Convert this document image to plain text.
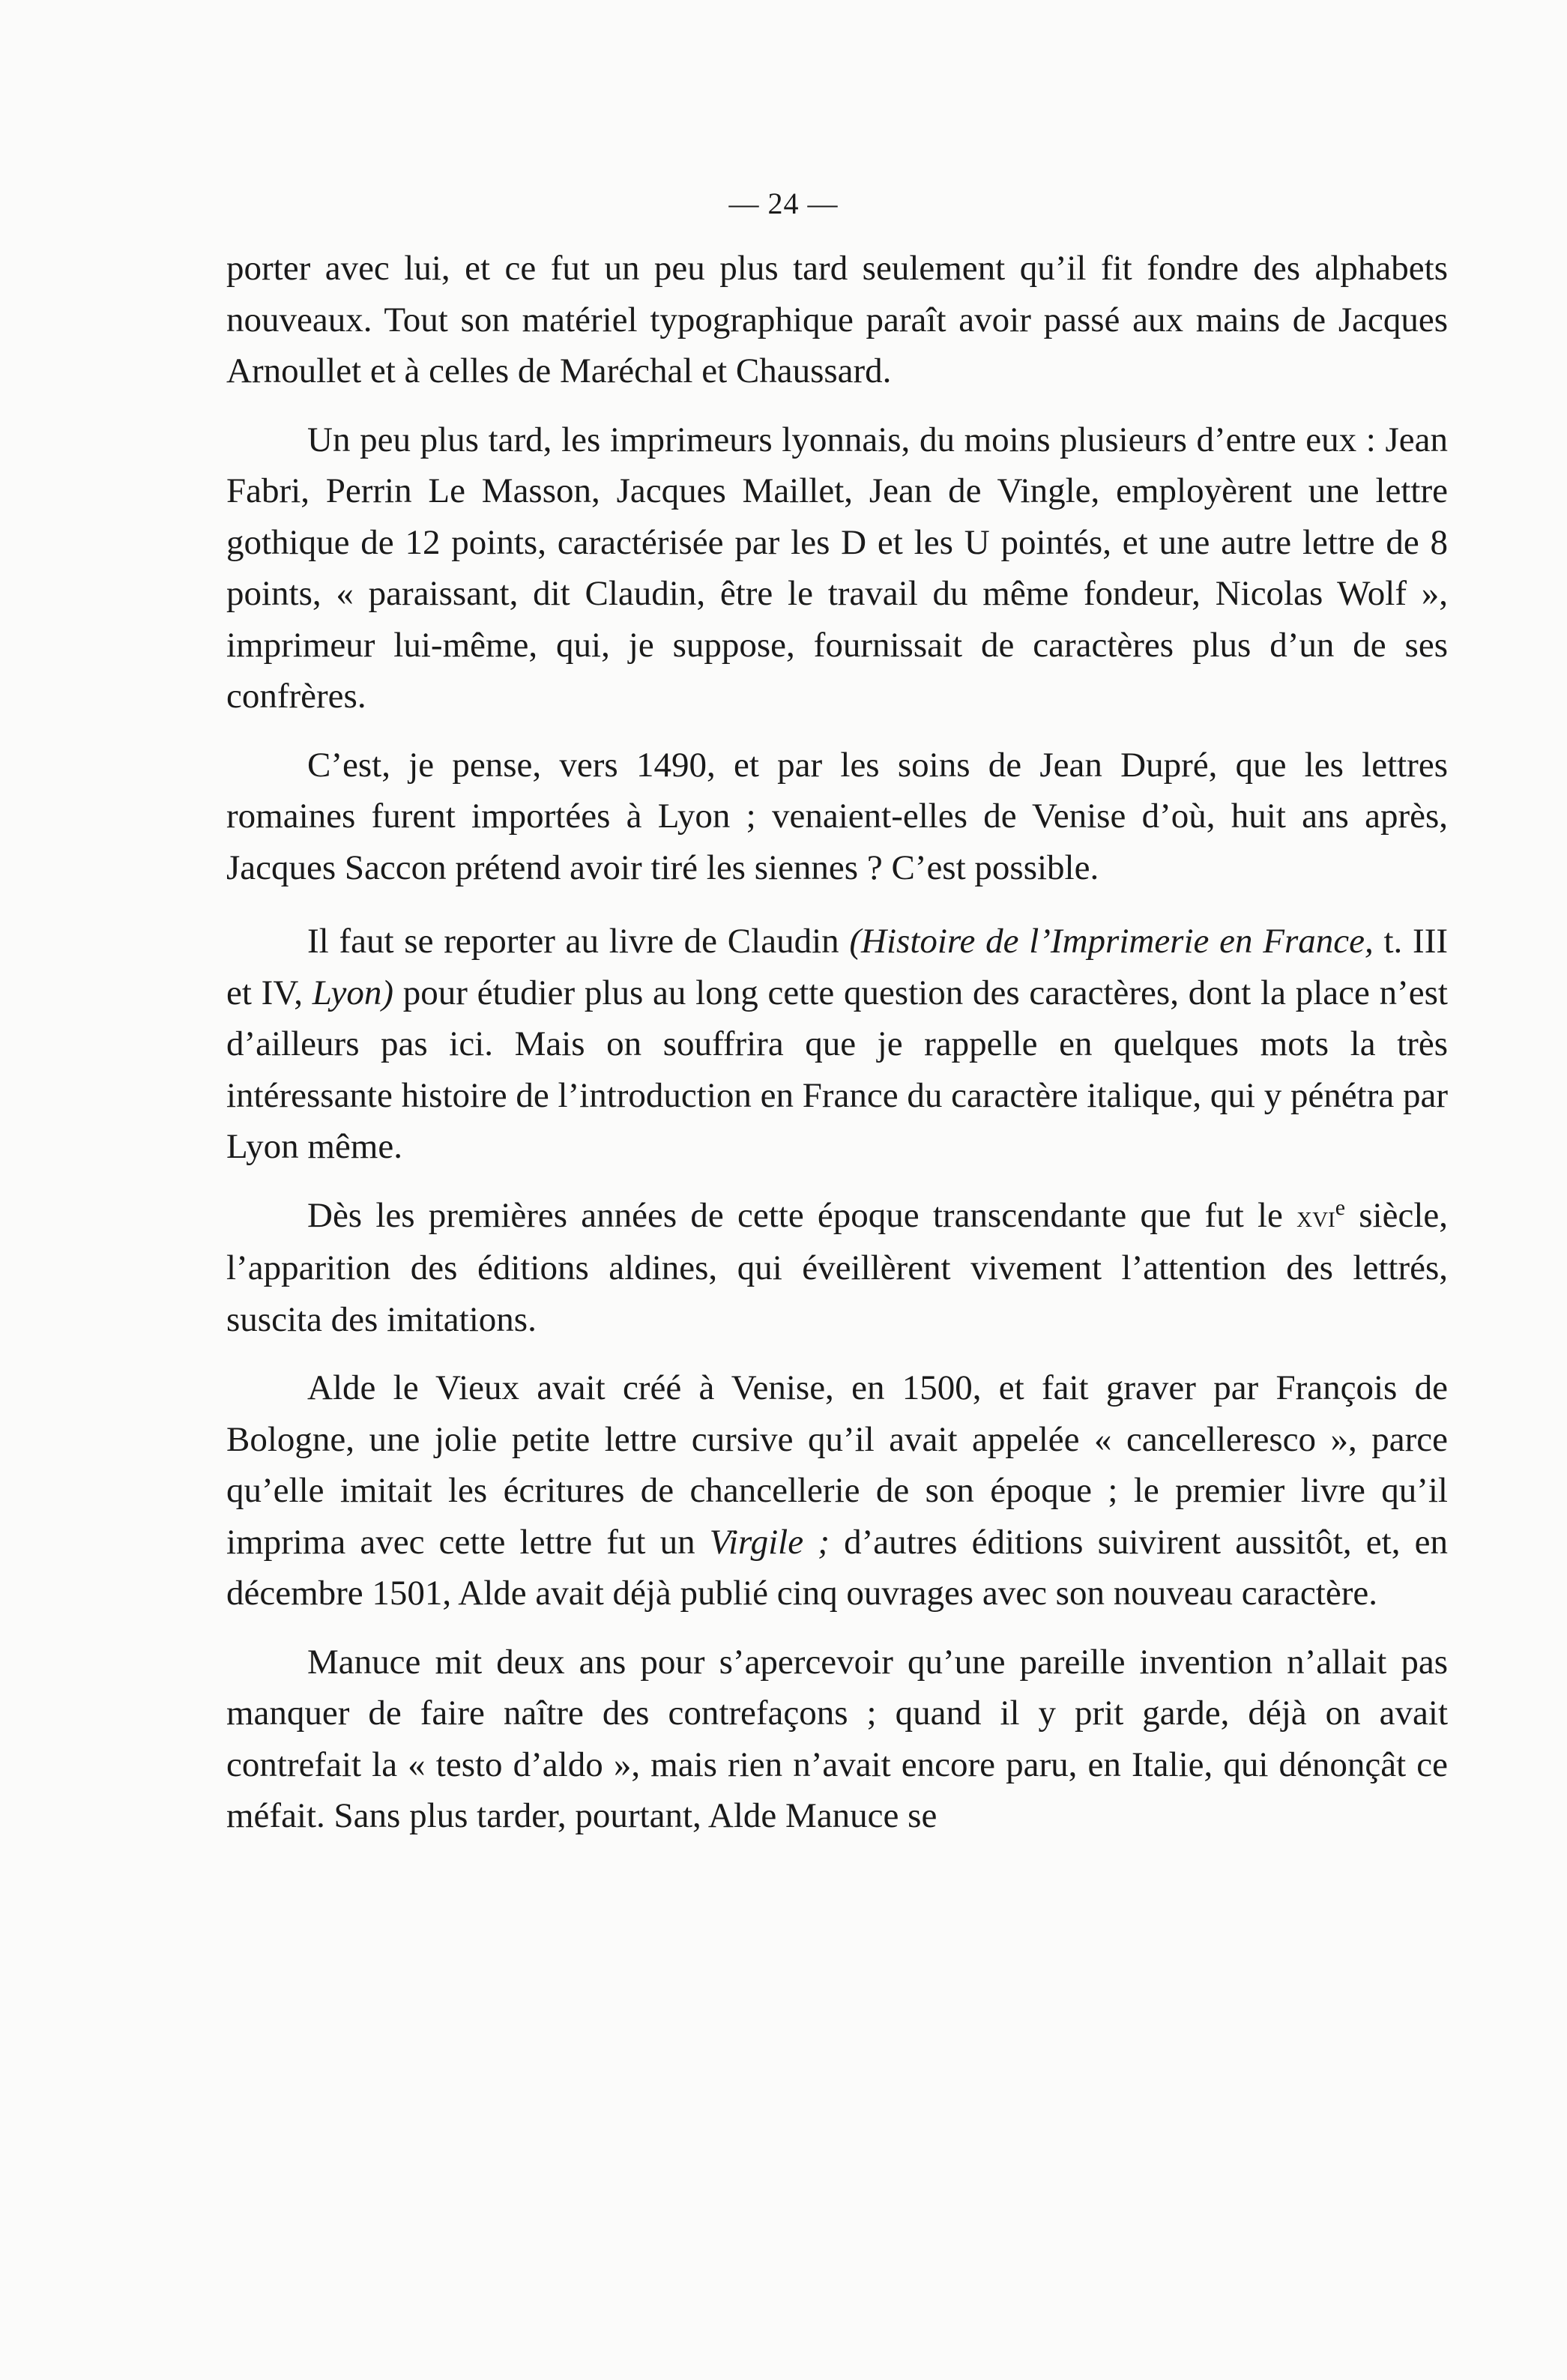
— 24 —

porter avec lui, et ce fut un peu plus tard seulement qu’il fit fondre des alphabets nouveaux. Tout son matériel typographique paraît avoir passé aux mains de Jacques Arnoullet et à celles de Maréchal et Chaussard.

Un peu plus tard, les imprimeurs lyonnais, du moins plusieurs d’entre eux : Jean Fabri, Perrin Le Masson, Jacques Maillet, Jean de Vingle, employèrent une lettre gothique de 12 points, caractérisée par les D et les U pointés, et une autre lettre de 8 points, « paraissant, dit Claudin, être le travail du même fondeur, Nicolas Wolf », imprimeur lui-même, qui, je suppose, fournissait de caractères plus d’un de ses confrères.

C’est, je pense, vers 1490, et par les soins de Jean Dupré, que les lettres romaines furent importées à Lyon ; venaient-elles de Venise d’où, huit ans après, Jacques Saccon prétend avoir tiré les siennes ? C’est possible.

Il faut se reporter au livre de Claudin (Histoire de l’Imprimerie en France, t. III et IV, Lyon) pour étudier plus au long cette question des caractères, dont la place n’est d’ailleurs pas ici. Mais on souffrira que je rappelle en quelques mots la très intéressante histoire de l’introduction en France du caractère italique, qui y pénétra par Lyon même.

Dès les premières années de cette époque transcendante que fut le xvi$^e$ siècle, l’apparition des éditions aldines, qui éveillèrent vivement l’attention des lettrés, suscita des imitations.

Alde le Vieux avait créé à Venise, en 1500, et fait graver par François de Bologne, une jolie petite lettre cursive qu’il avait appelée « cancelleresco », parce qu’elle imitait les écritures de chancellerie de son époque ; le premier livre qu’il imprima avec cette lettre fut un Virgile ; d’autres éditions suivirent aussitôt, et, en décembre 1501, Alde avait déjà publié cinq ouvrages avec son nouveau caractère.

Manuce mit deux ans pour s’apercevoir qu’une pareille invention n’allait pas manquer de faire naître des contrefaçons ; quand il y prit garde, déjà on avait contrefait la « testo d’aldo », mais rien n’avait encore paru, en Italie, qui dénonçât ce méfait. Sans plus tarder, pourtant, Alde Manuce se
